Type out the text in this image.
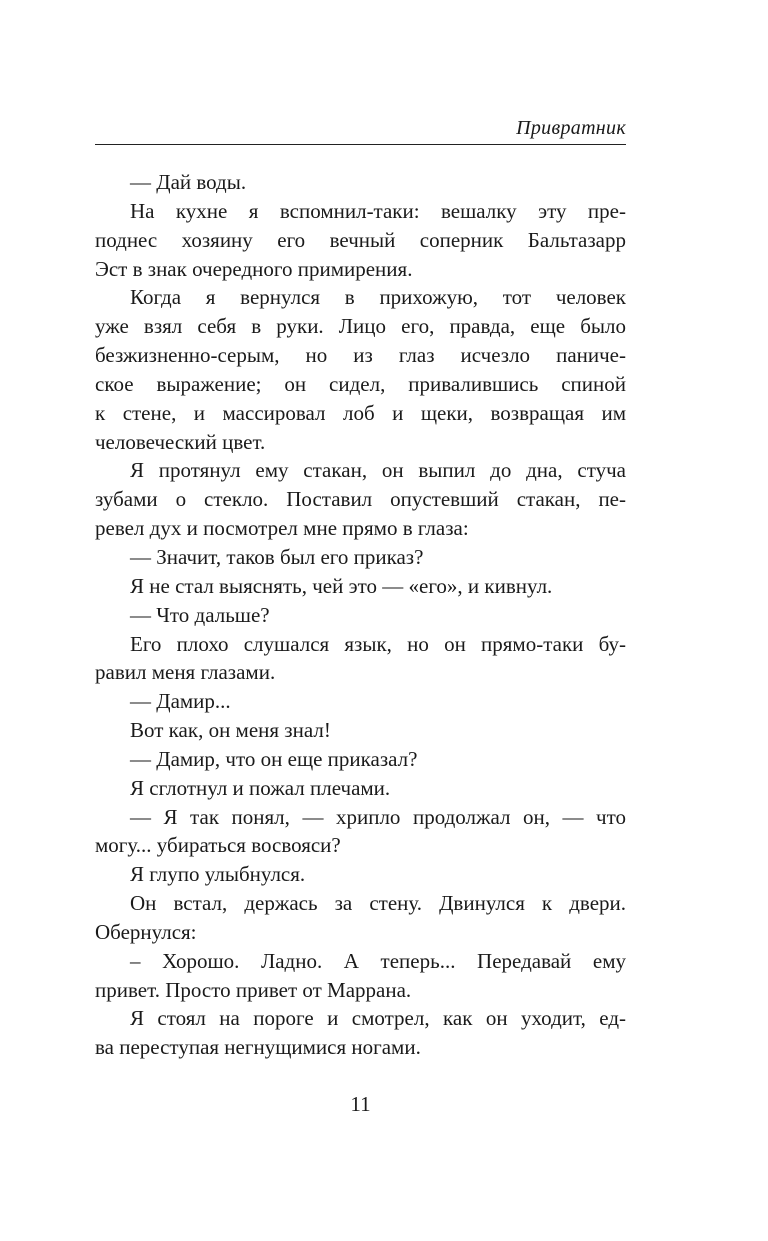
Привратник
— Дай воды.
На кухне я вспомнил-таки: вешалку эту пре-
поднес хозяину его вечный соперник Бальтазарр
Эст в знак очередного примирения.
Когда я вернулся в прихожую, тот человек
уже взял себя в руки. Лицо его, правда, еще было
безжизненно-серым, но из глаз исчезло паниче-
ское выражение; он сидел, привалившись спиной
к стене, и массировал лоб и щеки, возвращая им
человеческий цвет.
Я протянул ему стакан, он выпил до дна, стуча
зубами о стекло. Поставил опустевший стакан, пе-
ревел дух и посмотрел мне прямо в глаза:
— Значит, таков был его приказ?
Я не стал выяснять, чей это — «его», и кивнул.
— Что дальше?
Его плохо слушался язык, но он прямо-таки бу-
равил меня глазами.
— Дамир...
Вот как, он меня знал!
— Дамир, что он еще приказал?
Я сглотнул и пожал плечами.
— Я так понял, — хрипло продолжал он, — что
могу... убираться восвояси?
Я глупо улыбнулся.
Он встал, держась за стену. Двинулся к двери.
Обернулся:
– Хорошо. Ладно. А теперь... Передавай ему
привет. Просто привет от Маррана.
Я стоял на пороге и смотрел, как он уходит, ед-
ва переступая негнущимися ногами.
11
